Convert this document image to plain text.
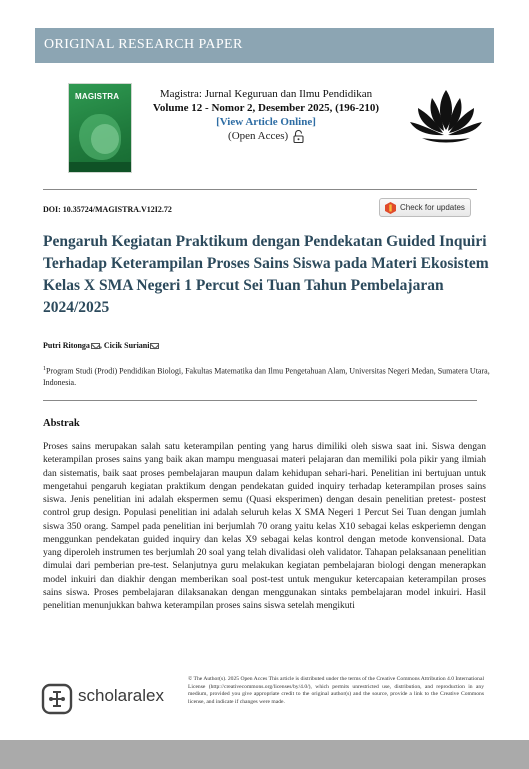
ORIGINAL RESEARCH PAPER
MAGISTRA	Magistra: Jurnal Keguruan dan Ilmu Pendidikan
Volume 12 - Nomor 2, Desember 2025, (196-210)
[View Article Online]
(Open Acces)
DOI: 10.35724/MAGISTRA.V12I2.72	Check for updates
Pengaruh Kegiatan Praktikum dengan Pendekatan Guided Inquiri Terhadap Keterampilan Proses Sains Siswa pada Materi Ekosistem Kelas X SMA Negeri 1 Percut Sei Tuan Tahun Pembelajaran 2024/2025
Putri Ritonga , Cicik Suriani
$^1$Program Studi (Prodi) Pendidikan Biologi, Fakultas Matematika dan Ilmu Pengetahuan Alam, Universitas Negeri Medan, Sumatera Utara, Indonesia.
Abstrak
Proses sains merupakan salah satu keterampilan penting yang harus dimiliki oleh siswa saat ini. Siswa dengan keterampilan proses sains yang baik akan mampu menguasai materi pelajaran dan memiliki pola pikir yang ilmiah dan sistematis, baik saat proses pembelajaran maupun dalam kehidupan sehari-hari. Penelitian ini bertujuan untuk mengetahui pengaruh kegiatan praktikum dengan pendekatan guided inquiry terhadap keterampilan proses sains siswa. Jenis penelitian ini adalah ekspermen semu (Quasi eksperimen) dengan desain penelitian pretest- postest control grup design. Populasi penelitian ini adalah seluruh kelas X SMA Negeri 1 Percut Sei Tuan dengan jumlah siswa 350 orang. Sampel pada penelitian ini berjumlah 70 orang yaitu kelas X10 sebagai kelas eskperiemn dengan menggunkan pendekatan guided inquiry dan kelas X9 sebagai kelas kontrol dengan metode konvensional. Data yang diperoleh instrumen tes berjumlah 20 soal yang telah divalidasi oleh validator. Tahapan pelaksanaan penelitian dimulai dari pemberian pre-test. Selanjutnya guru melakukan kegiatan pembelajaran biologi dengan menerapkan model inkuiri dan diakhir dengan memberikan soal post-test untuk mengukur ketercapaian keterampilan proses sains siswa. Proses pembelajaran dilaksanakan dengan menggunakan sintaks pembelajaran model inkuiri. Hasil penelitian menunjukkan bahwa keterampilan proses sains siswa setelah mengikuti
scholaralex
© The Author(s). 2025 Open Acces This article is distributed under the terms of the Creative Commons Attribution 4.0 International License (http://creativecommons.org/licenses/by/4.0/), which permits unrestricted use, distribution, and reproduction in any medium, provided you give appropriate credit to the original author(s) and the source, provide a link to the Creative Commons license, and indicate if changes were made.
